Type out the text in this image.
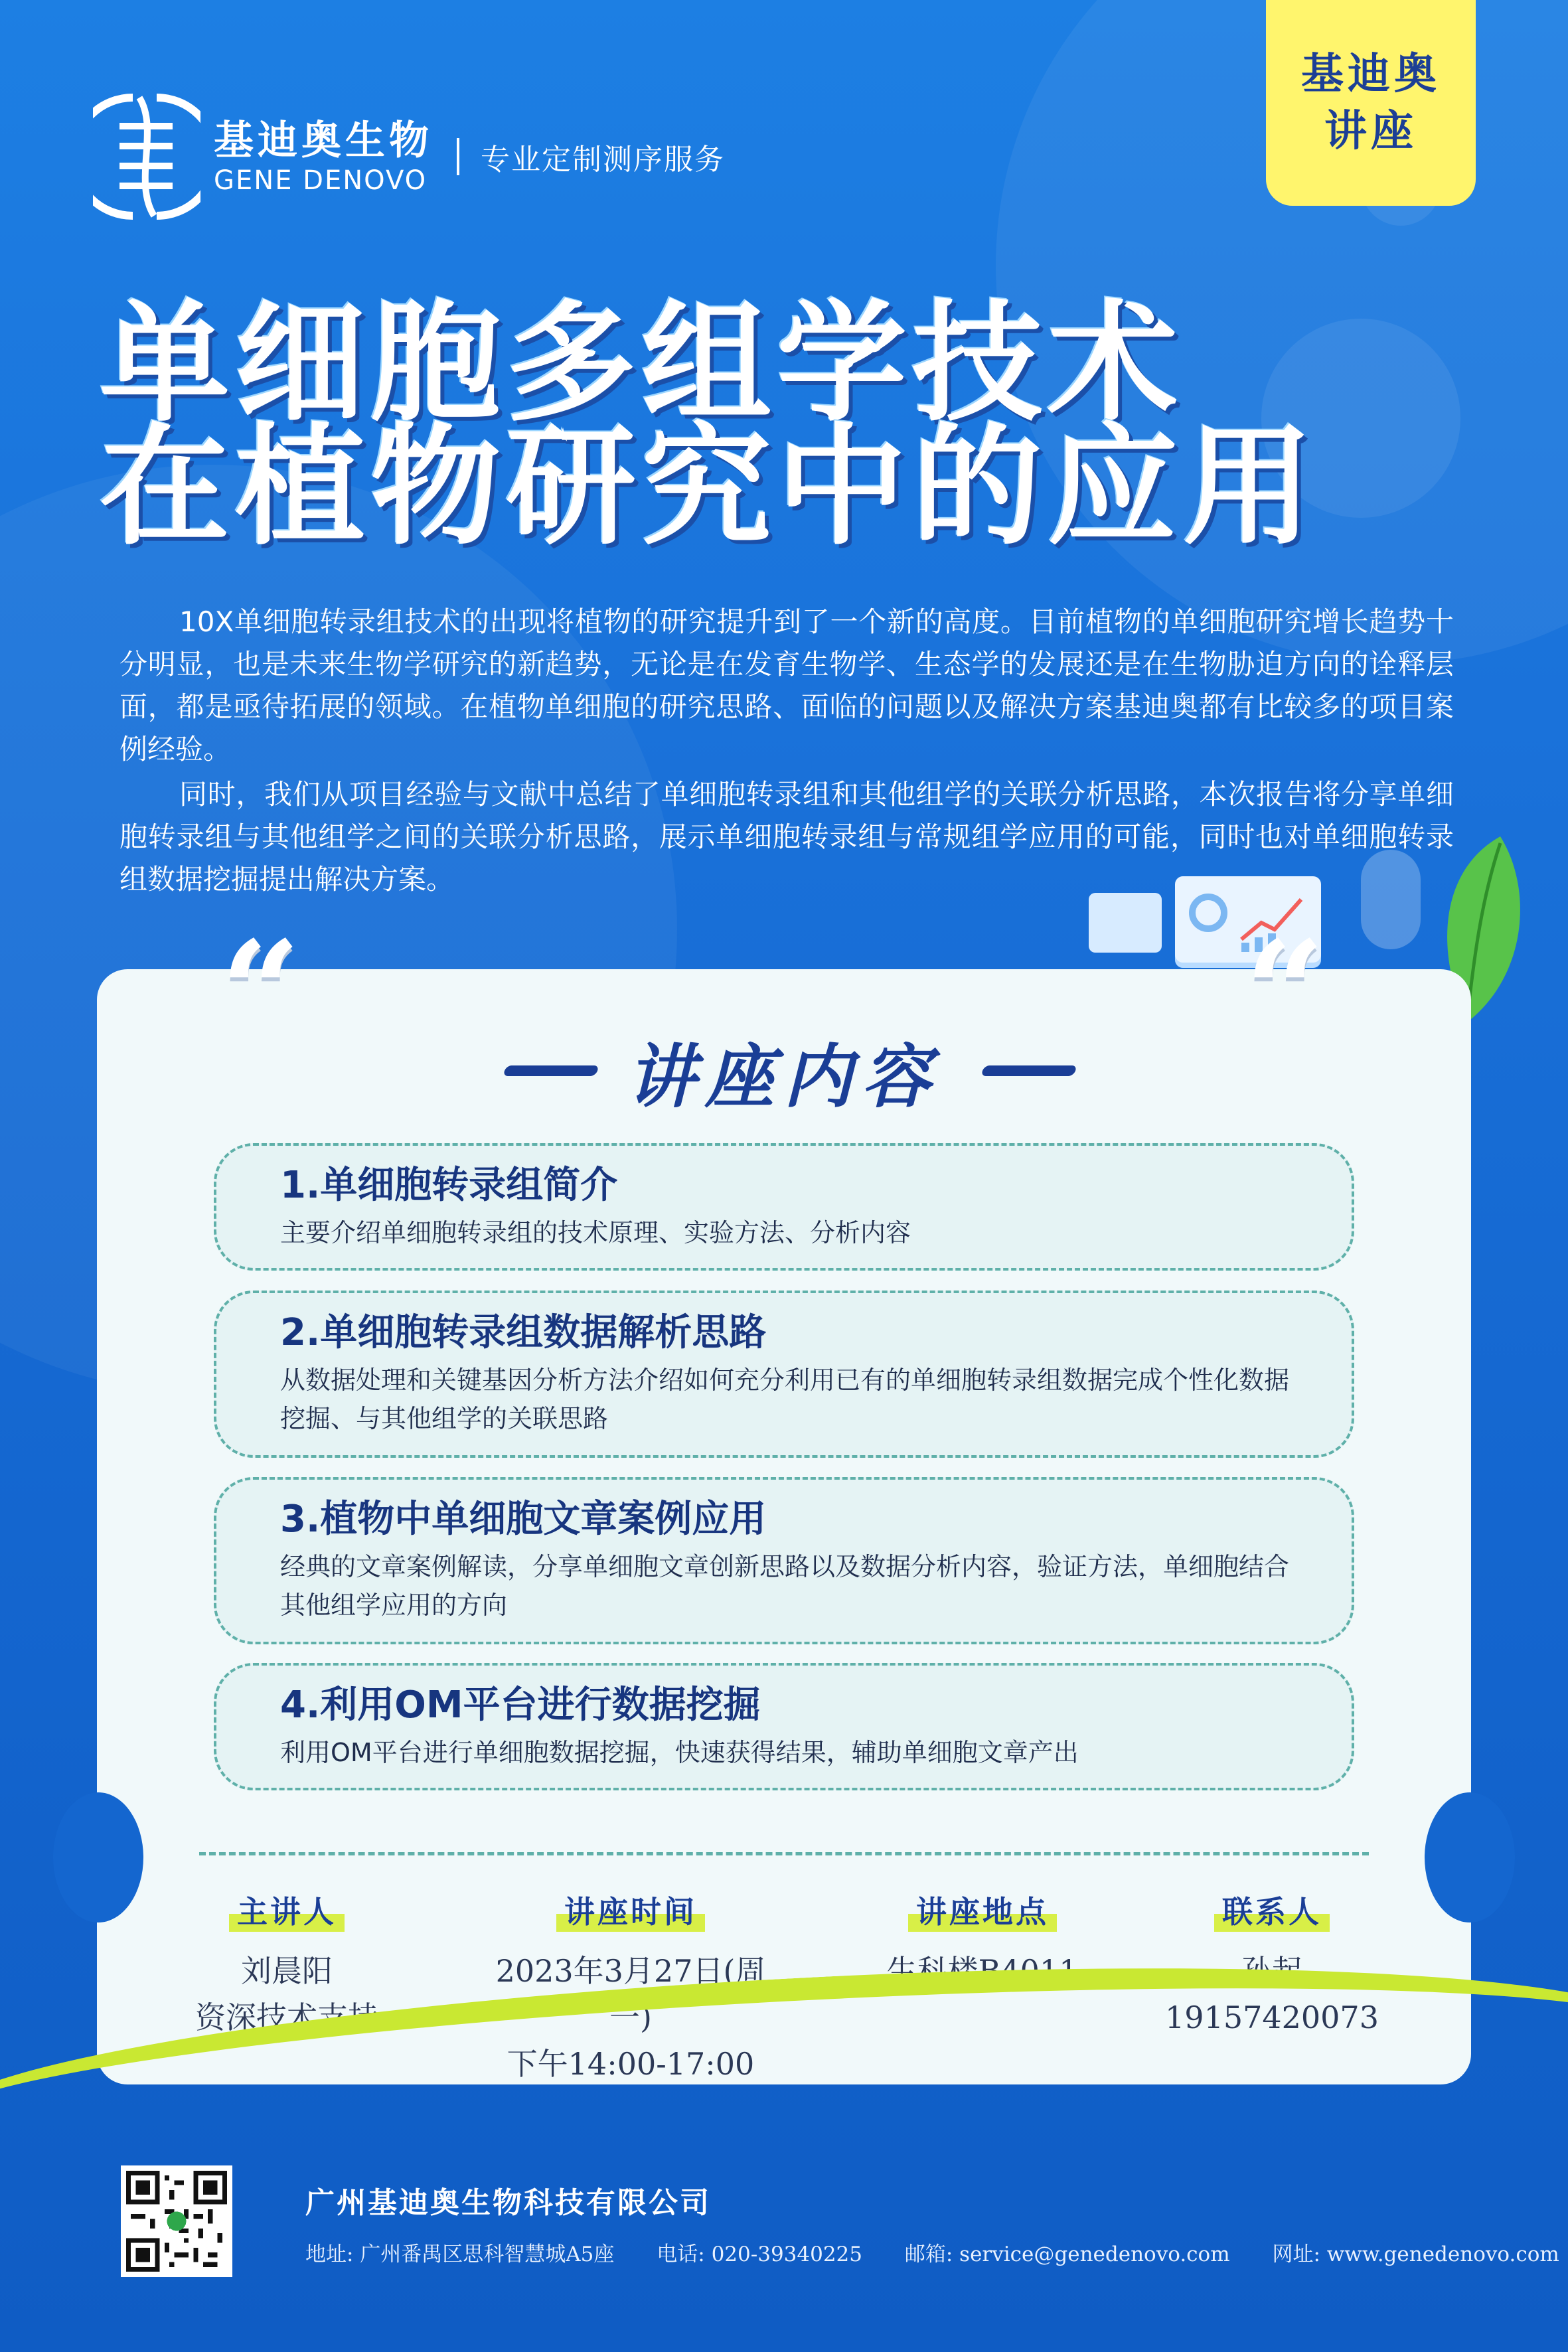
基迪奥生物
GENE DENOVO
专业定制测序服务
基迪奥
讲座
单细胞多组学技术
在植物研究中的应用

10X单细胞转录组技术的出现将植物的研究提升到了一个新的高度。目前植物的单细胞研究增长趋势十分明显，也是未来生物学研究的新趋势，无论是在发育生物学、生态学的发展还是在生物胁迫方向的诠释层面，都是亟待拓展的领域。在植物单细胞的研究思路、面临的问题以及解决方案基迪奥都有比较多的项目案例经验。

同时，我们从项目经验与文献中总结了单细胞转录组和其他组学的关联分析思路，本次报告将分享单细胞转录组与其他组学之间的关联分析思路，展示单细胞转录组与常规组学应用的可能，同时也对单细胞转录组数据挖掘提出解决方案。

“	“
讲座内容
1.单细胞转录组简介
主要介绍单细胞转录组的技术原理、实验方法、分析内容
2.单细胞转录组数据解析思路
从数据处理和关键基因分析方法介绍如何充分利用已有的单细胞转录组数据完成个性化数据挖掘、与其他组学的关联思路
3.植物中单细胞文章案例应用
经典的文章案例解读，分享单细胞文章创新思路以及数据分析内容，验证方法，单细胞结合其他组学应用的方向
4.利用OM平台进行数据挖掘
利用OM平台进行单细胞数据挖掘，快速获得结果，辅助单细胞文章产出
主讲人
刘晨阳
资深技术支持
讲座时间
2023年3月27日(周一)
下午14:00-17:00
讲座地点
生科楼B4011
联系人
孙起
19157420073
广州基迪奥生物科技有限公司
地址: 广州番禺区思科智慧城A5座 电话: 020-39340225 邮箱: service@genedenovo.com 网址: www.genedenovo.com
